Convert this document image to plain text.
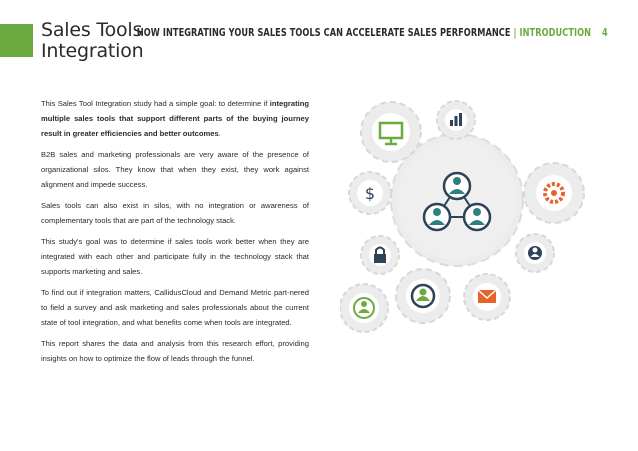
Sales Tools
Integration
HOW INTEGRATING YOUR SALES TOOLS CAN ACCELERATE SALES PERFORMANCE | INTRODUCTION 4

This Sales Tool Integration study had a simple goal: to determine if integrating multiple sales tools that support different parts of the buying journey result in greater efficiencies and better outcomes.

B2B sales and marketing professionals are very aware of the presence of organizational silos. They know that when they exist, they work against alignment and impede success.

Sales tools can also exist in silos, with no integration or awareness of complementary tools that are part of the technology stack.

This study's goal was to determine if sales tools work better when they are integrated with each other and participate fully in the technology stack that supports marketing and sales.

To find out if integration matters, CallidusCloud and Demand Metric part-nered to field a survey and ask marketing and sales professionals about the current state of tool integration, and what benefits come when tools are integrated.

This report shares the data and analysis from this research effort, providing insights on how to optimize the flow of leads through the funnel.

$
